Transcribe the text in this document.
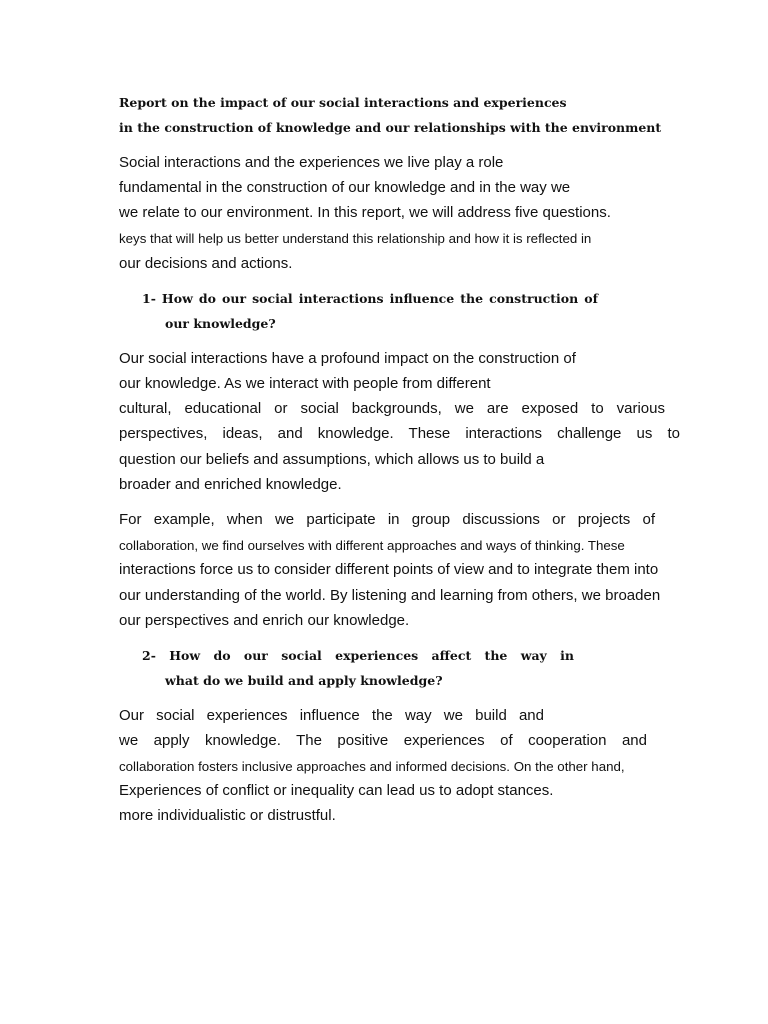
Report on the impact of our social interactions and experiences
in the construction of knowledge and our relationships with the environment
Social interactions and the experiences we live play a role
fundamental in the construction of our knowledge and in the way we
we relate to our environment. In this report, we will address five questions.
keys that will help us better understand this relationship and how it is reflected in
our decisions and actions.
1- How do our social interactions influence the construction of
our knowledge?
Our social interactions have a profound impact on the construction of
our knowledge. As we interact with people from different
cultural, educational or social backgrounds, we are exposed to various
perspectives, ideas, and knowledge. These interactions challenge us to
question our beliefs and assumptions, which allows us to build a
broader and enriched knowledge.
For example, when we participate in group discussions or projects of
collaboration, we find ourselves with different approaches and ways of thinking. These
interactions force us to consider different points of view and to integrate them into
our understanding of the world. By listening and learning from others, we broaden
our perspectives and enrich our knowledge.
2- How do our social experiences affect the way in
what do we build and apply knowledge?
Our social experiences influence the way we build and
we apply knowledge. The positive experiences of cooperation and
collaboration fosters inclusive approaches and informed decisions. On the other hand,
Experiences of conflict or inequality can lead us to adopt stances.
more individualistic or distrustful.
